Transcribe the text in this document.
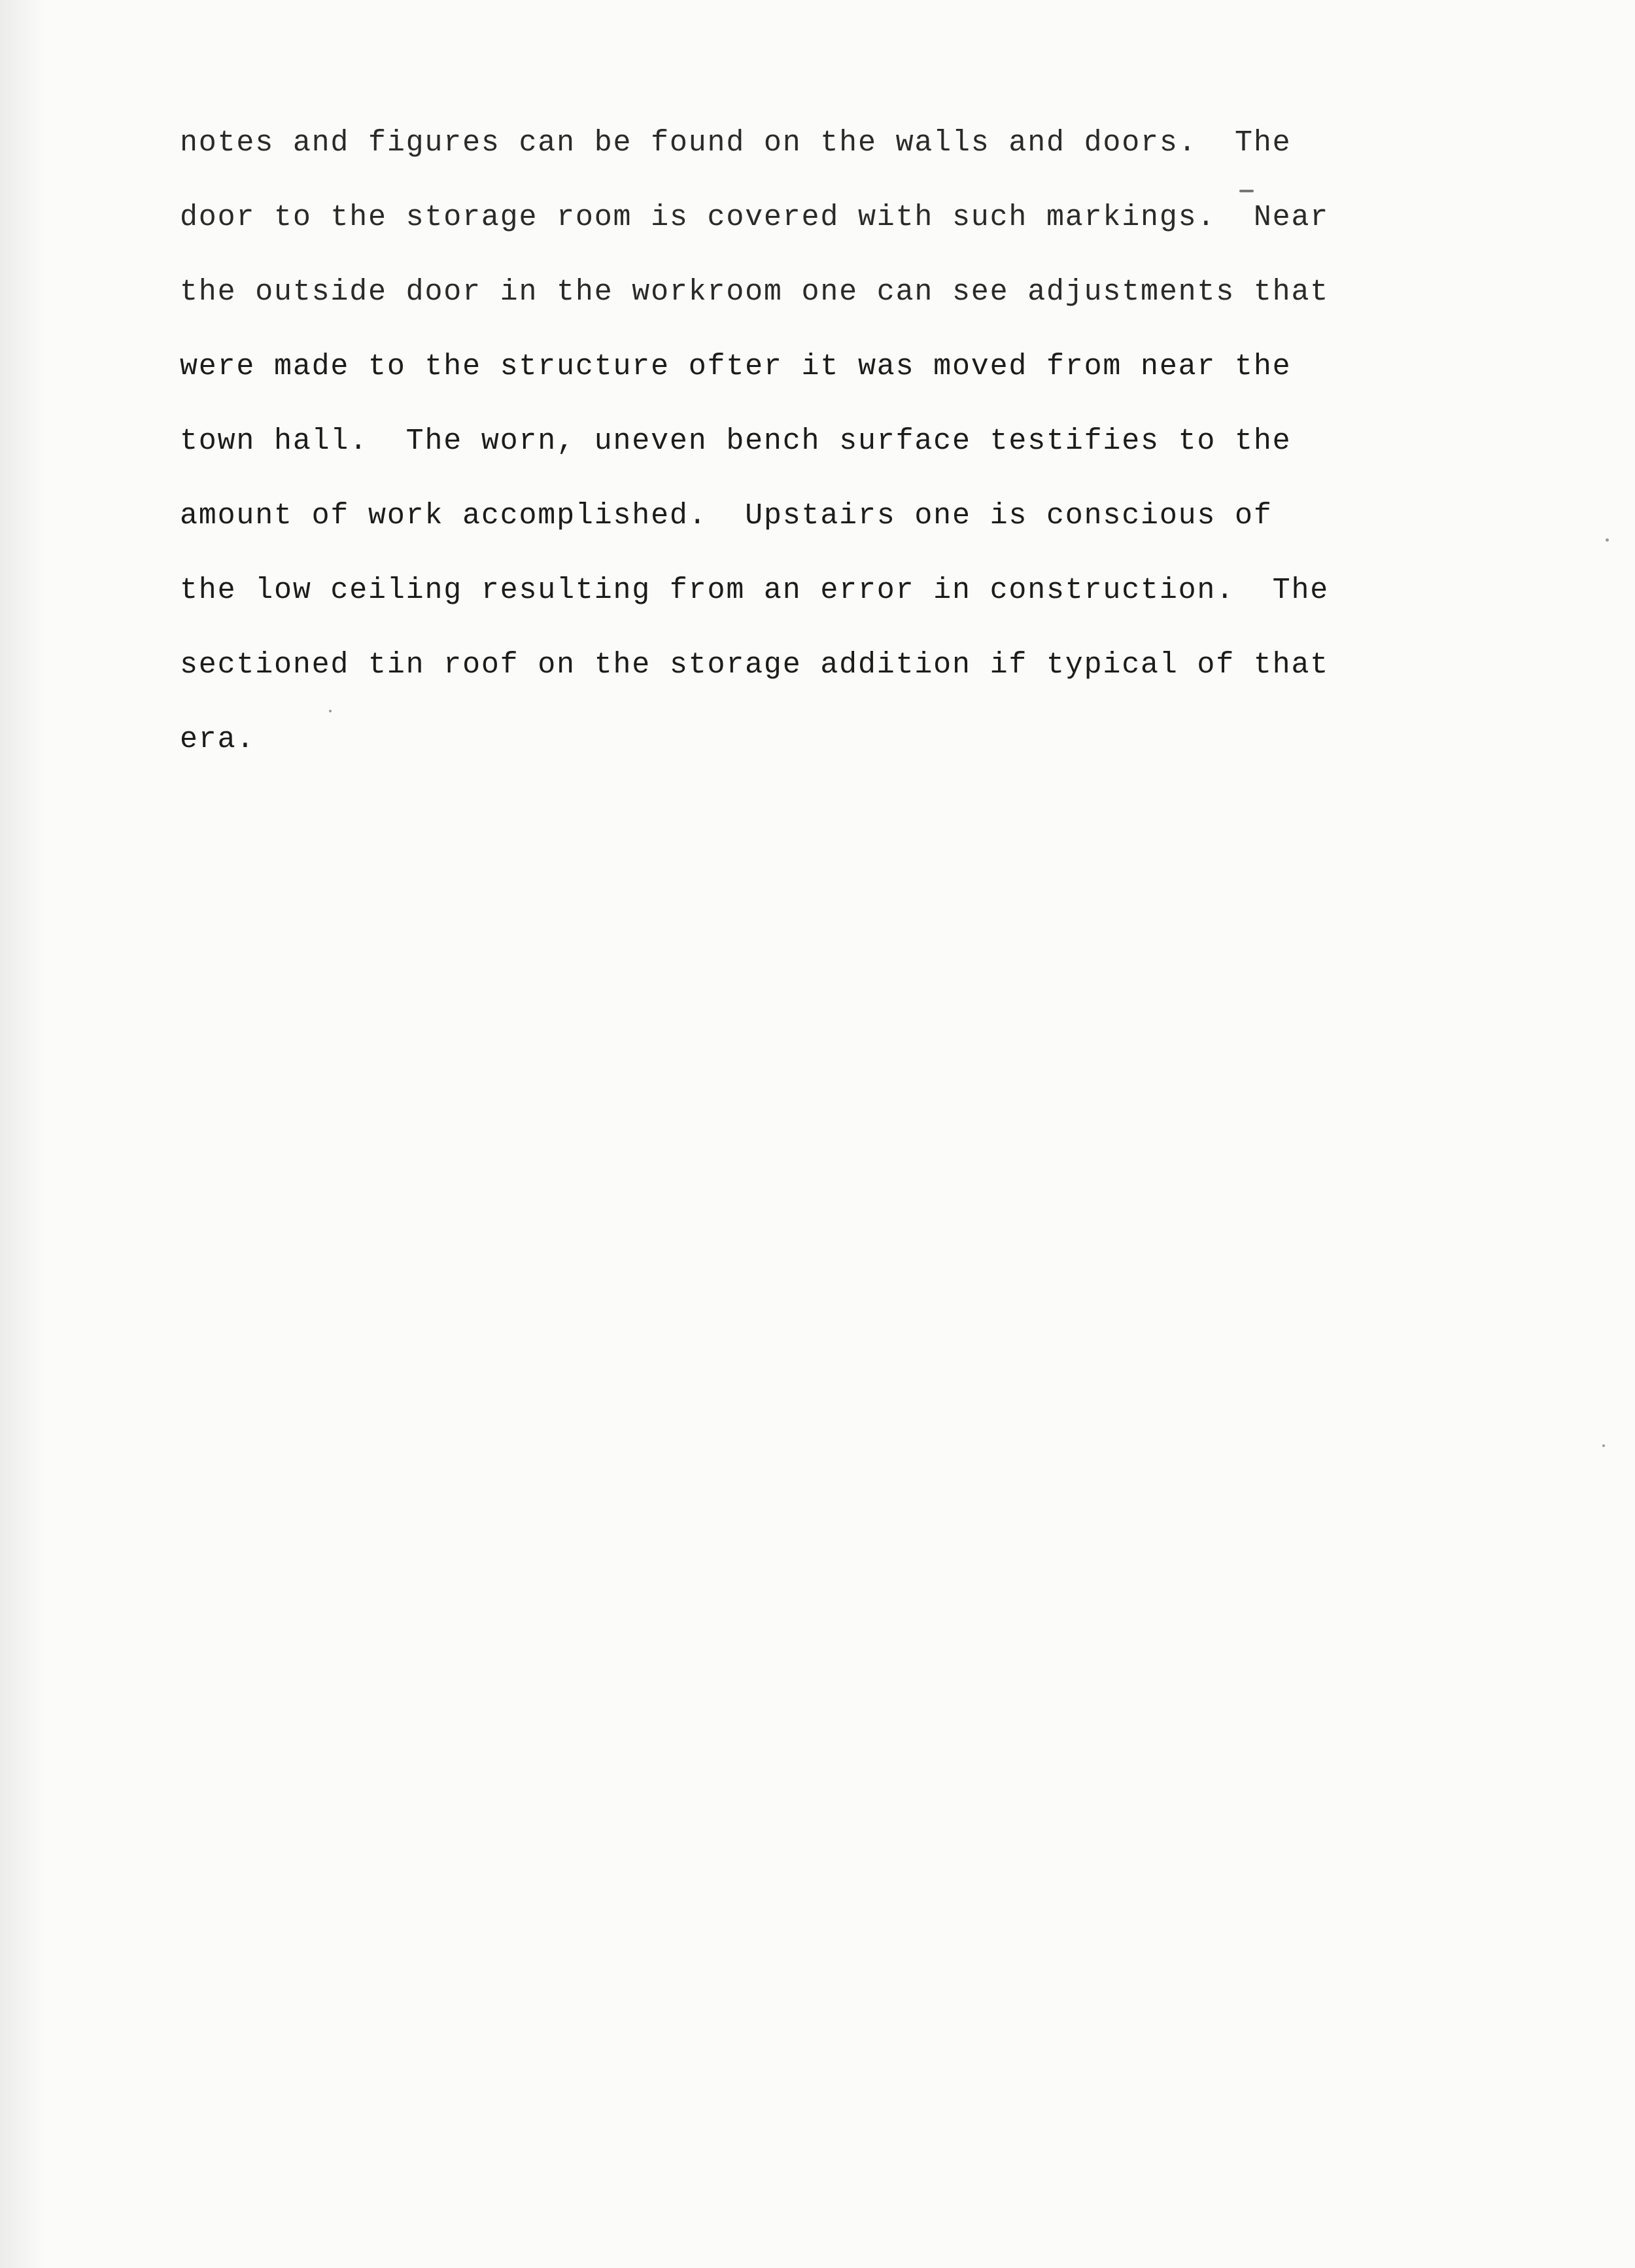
notes and figures can be found on the walls and doors.  The
door to the storage room is covered with such markings.  Near
the outside door in the workroom one can see adjustments that
were made to the structure ofter it was moved from near the
town hall.  The worn, uneven bench surface testifies to the
amount of work accomplished.  Upstairs one is conscious of
the low ceiling resulting from an error in construction.  The
sectioned tin roof on the storage addition if typical of that
era.
